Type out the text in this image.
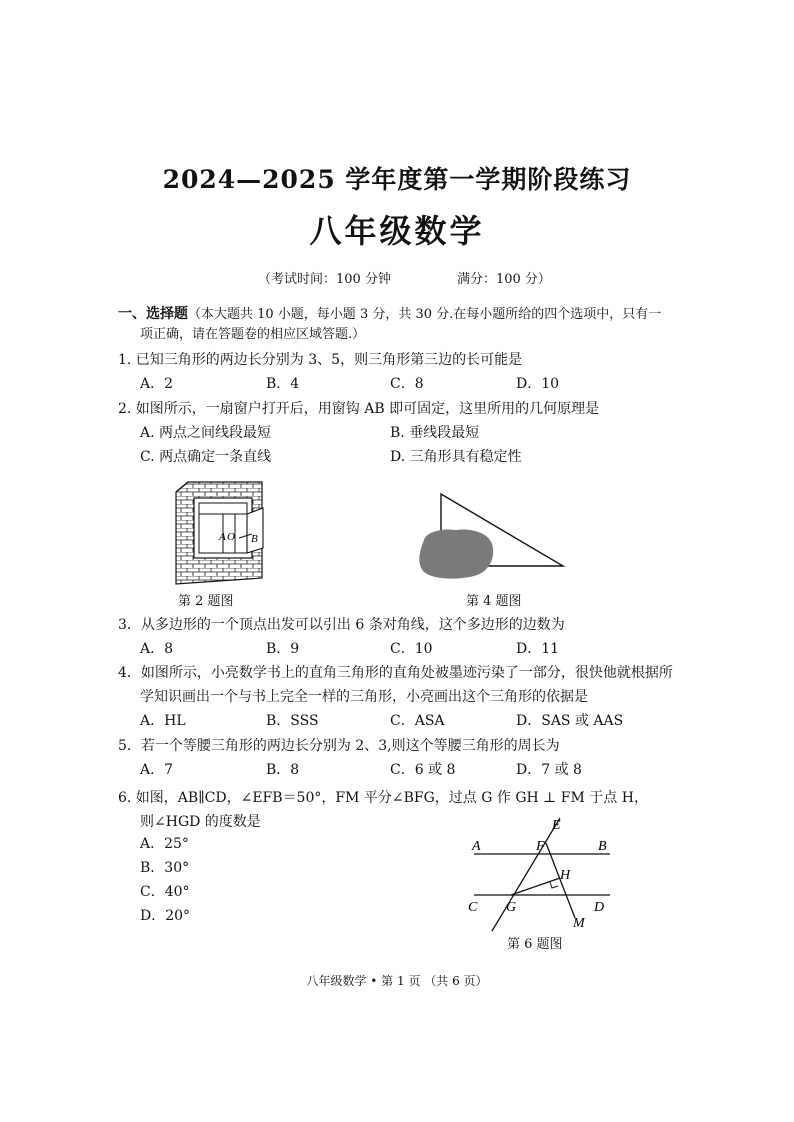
2024—2025 学年度第一学期阶段练习
八年级数学
（考试时间：100 分钟	满分：100 分）
一、选择题（本大题共 10 小题，每小题 3 分，共 30 分.在每小题所给的四个选项中，只有一
项正确，请在答题卷的相应区域答题.）
1. 已知三角形的两边长分别为 3、5，则三角形第三边的长可能是
A．2	B．4	C．8	D．10
2. 如图所示，一扇窗户打开后，用窗钩 AB 即可固定，这里所用的几何原理是
A. 两点之间线段最短	B. 垂线段最短
C. 两点确定一条直线	D. 三角形具有稳定性
A O B
第 2 题图	第 4 题图
3．从多边形的一个顶点出发可以引出 6 条对角线，这个多边形的边数为
A．8	B．9	C．10	D．11
4．如图所示，小亮数学书上的直角三角形的直角处被墨迹污染了一部分，很快他就根据所
学知识画出一个与书上完全一样的三角形，小亮画出这个三角形的依据是
A．HL	B．SSS	C．ASA	D．SAS 或 AAS
5．若一个等腰三角形的两边长分别为 2、3,则这个等腰三角形的周长为
A．7	B．8	C．6 或 8	D．7 或 8
6. 如图，AB∥CD，∠EFB＝50°，FM 平分∠BFG，过点 G 作 GH ⊥ FM 于点 H，
则∠HGD 的度数是
A．25°
B．30°
C．40°
D．20°
E
A	F	B
H
C G	D
M
第 6 题图
八年级数学 • 第 1 页 （共 6 页）
